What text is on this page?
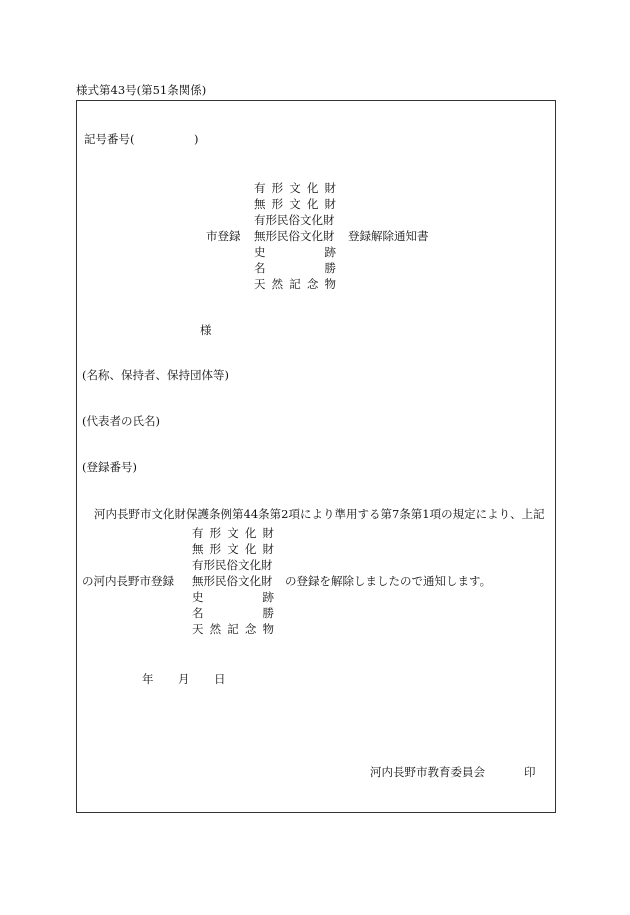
様式第43号(第51条関係)
記号番号(	)
有 形 文 化 財
無 形 文 化 財
有形民俗文化財
市登録 無形民俗文化財 登録解除通知書
史	跡
名	勝
天 然 記 念 物
様
(名称、保持者、保持団体等)
(代表者の氏名)
(登録番号)
河内長野市文化財保護条例第44条第2項により準用する第7条第1項の規定により、上記
有 形 文 化 財
無 形 文 化 財
有形民俗文化財
の河内長野市登録 無形民俗文化財 の登録を解除しましたので通知します。
史	跡
名	勝
天 然 記 念 物
年 月 日
河内長野市教育委員会	印
